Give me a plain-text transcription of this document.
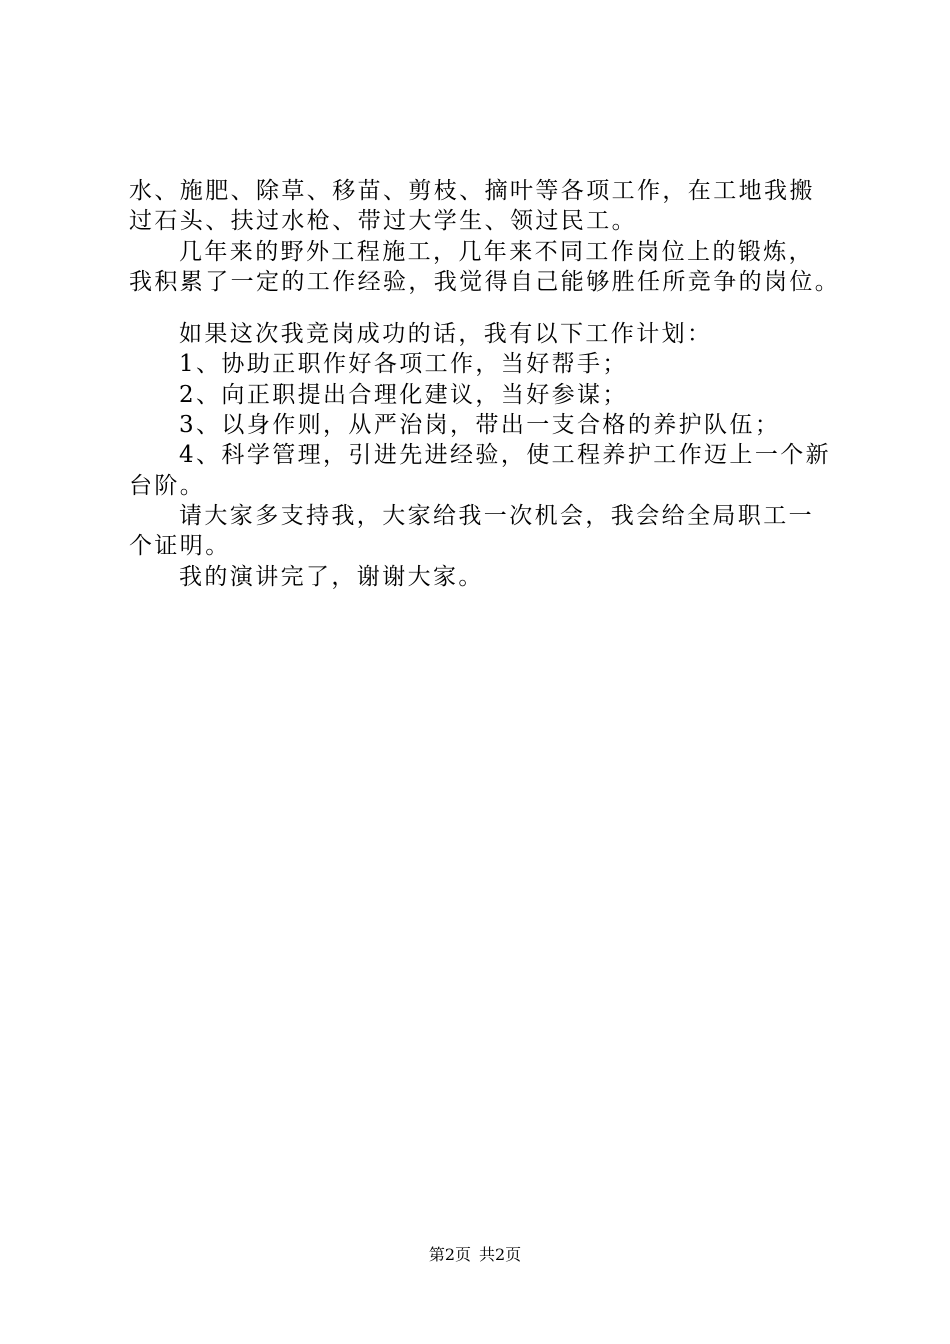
水、施肥、除草、移苗、剪枝、摘叶等各项工作，在工地我搬
过石头、扶过水枪、带过大学生、领过民工。
几年来的野外工程施工，几年来不同工作岗位上的锻炼，
我积累了一定的工作经验，我觉得自己能够胜任所竞争的岗位。
如果这次我竞岗成功的话，我有以下工作计划：
1、协助正职作好各项工作，当好帮手；
2、向正职提出合理化建议，当好参谋；
3、以身作则，从严治岗，带出一支合格的养护队伍；
4、科学管理，引进先进经验，使工程养护工作迈上一个新
台阶。
请大家多支持我，大家给我一次机会，我会给全局职工一
个证明。
我的演讲完了，谢谢大家。
第2页 共2页
